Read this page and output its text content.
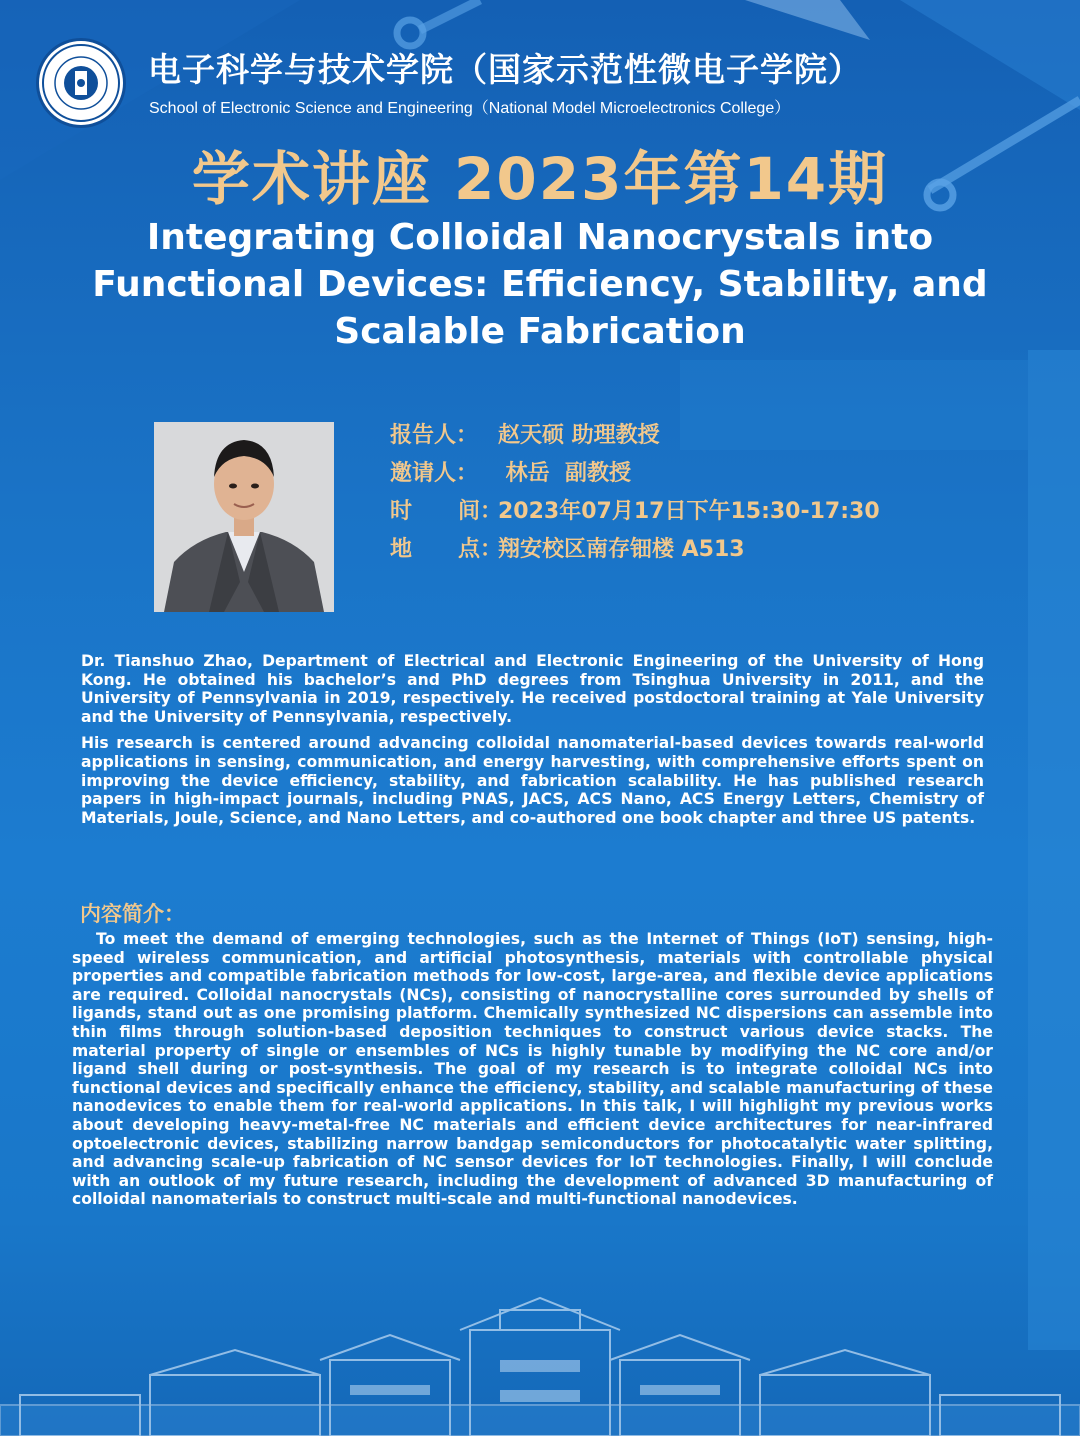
电子科学与技术学院（国家示范性微电子学院）
School of Electronic Science and Engineering（National Model Microelectronics College）
学术讲座 2023年第14期
Integrating Colloidal Nanocrystals into Functional Devices: Efficiency, Stability, and Scalable Fabrication
报告人： 赵天硕 助理教授
邀请人： 林岳  副教授
时      间：2023年07月17日下午15:30-17:30
地      点：翔安校区南存钿楼 A513

Dr. Tianshuo Zhao, Department of Electrical and Electronic Engineering of the University of Hong Kong. He obtained his bachelor’s and PhD degrees from Tsinghua University in 2011, and the University of Pennsylvania in 2019, respectively. He received postdoctoral training at Yale University and the University of Pennsylvania, respectively.

His research is centered around advancing colloidal nanomaterial-based devices towards real-world applications in sensing, communication, and energy harvesting, with comprehensive efforts spent on improving the device efficiency, stability, and fabrication scalability. He has published research papers in high-impact journals, including PNAS, JACS, ACS Nano, ACS Energy Letters, Chemistry of Materials, Joule, Science, and Nano Letters, and co-authored one book chapter and three US patents.

内容简介：
To meet the demand of emerging technologies, such as the Internet of Things (IoT) sensing, high-speed wireless communication, and artificial photosynthesis, materials with controllable physical properties and compatible fabrication methods for low-cost, large-area, and flexible device applications are required. Colloidal nanocrystals (NCs), consisting of nanocrystalline cores surrounded by shells of ligands, stand out as one promising platform. Chemically synthesized NC dispersions can assemble into thin films through solution-based deposition techniques to construct various device stacks. The material property of single or ensembles of NCs is highly tunable by modifying the NC core and/or ligand shell during or post-synthesis. The goal of my research is to integrate colloidal NCs into functional devices and specifically enhance the efficiency, stability, and scalable manufacturing of these nanodevices to enable them for real-world applications. In this talk, I will highlight my previous works about developing heavy-metal-free NC materials and efficient device architectures for near-infrared optoelectronic devices, stabilizing narrow bandgap semiconductors for photocatalytic water splitting, and advancing scale-up fabrication of NC sensor devices for IoT technologies. Finally, I will conclude with an outlook of my future research, including the development of advanced 3D manufacturing of colloidal nanomaterials to construct multi-scale and multi-functional nanodevices.
